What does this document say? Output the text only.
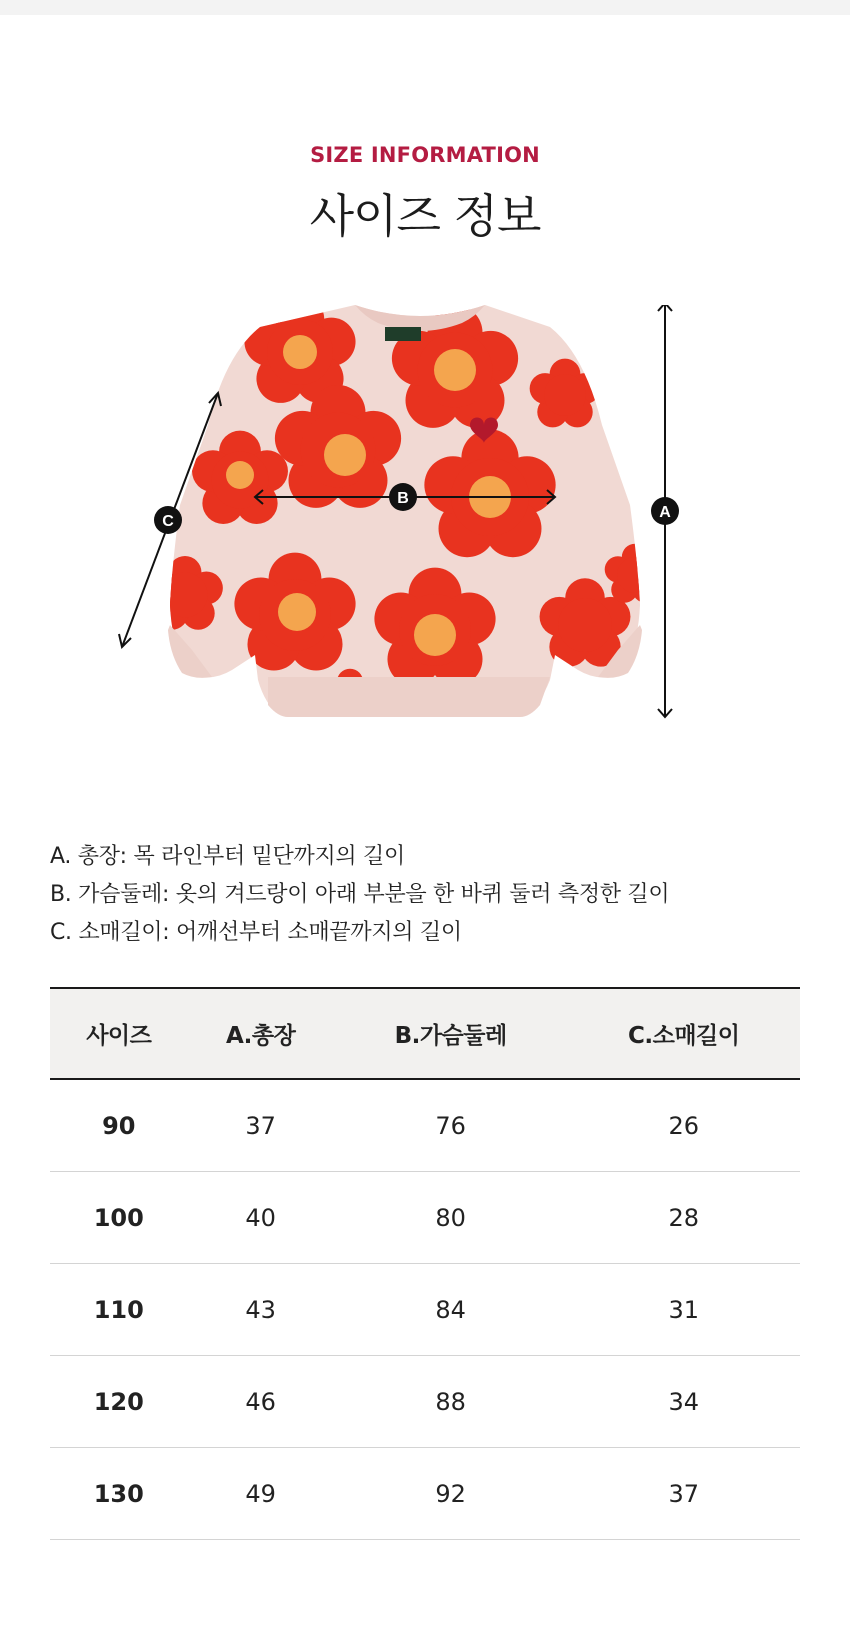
SIZE INFORMATION
사이즈 정보
A
B
C
A. 총장: 목 라인부터 밑단까지의 길이
B. 가슴둘레: 옷의 겨드랑이 아래 부분을 한 바퀴 둘러 측정한 길이
C. 소매길이: 어깨선부터 소매끝까지의 길이
사이즈	A.총장	B.가슴둘레	C.소매길이
90	37	76	26
100	40	80	28
110	43	84	31
120	46	88	34
130	49	92	37
